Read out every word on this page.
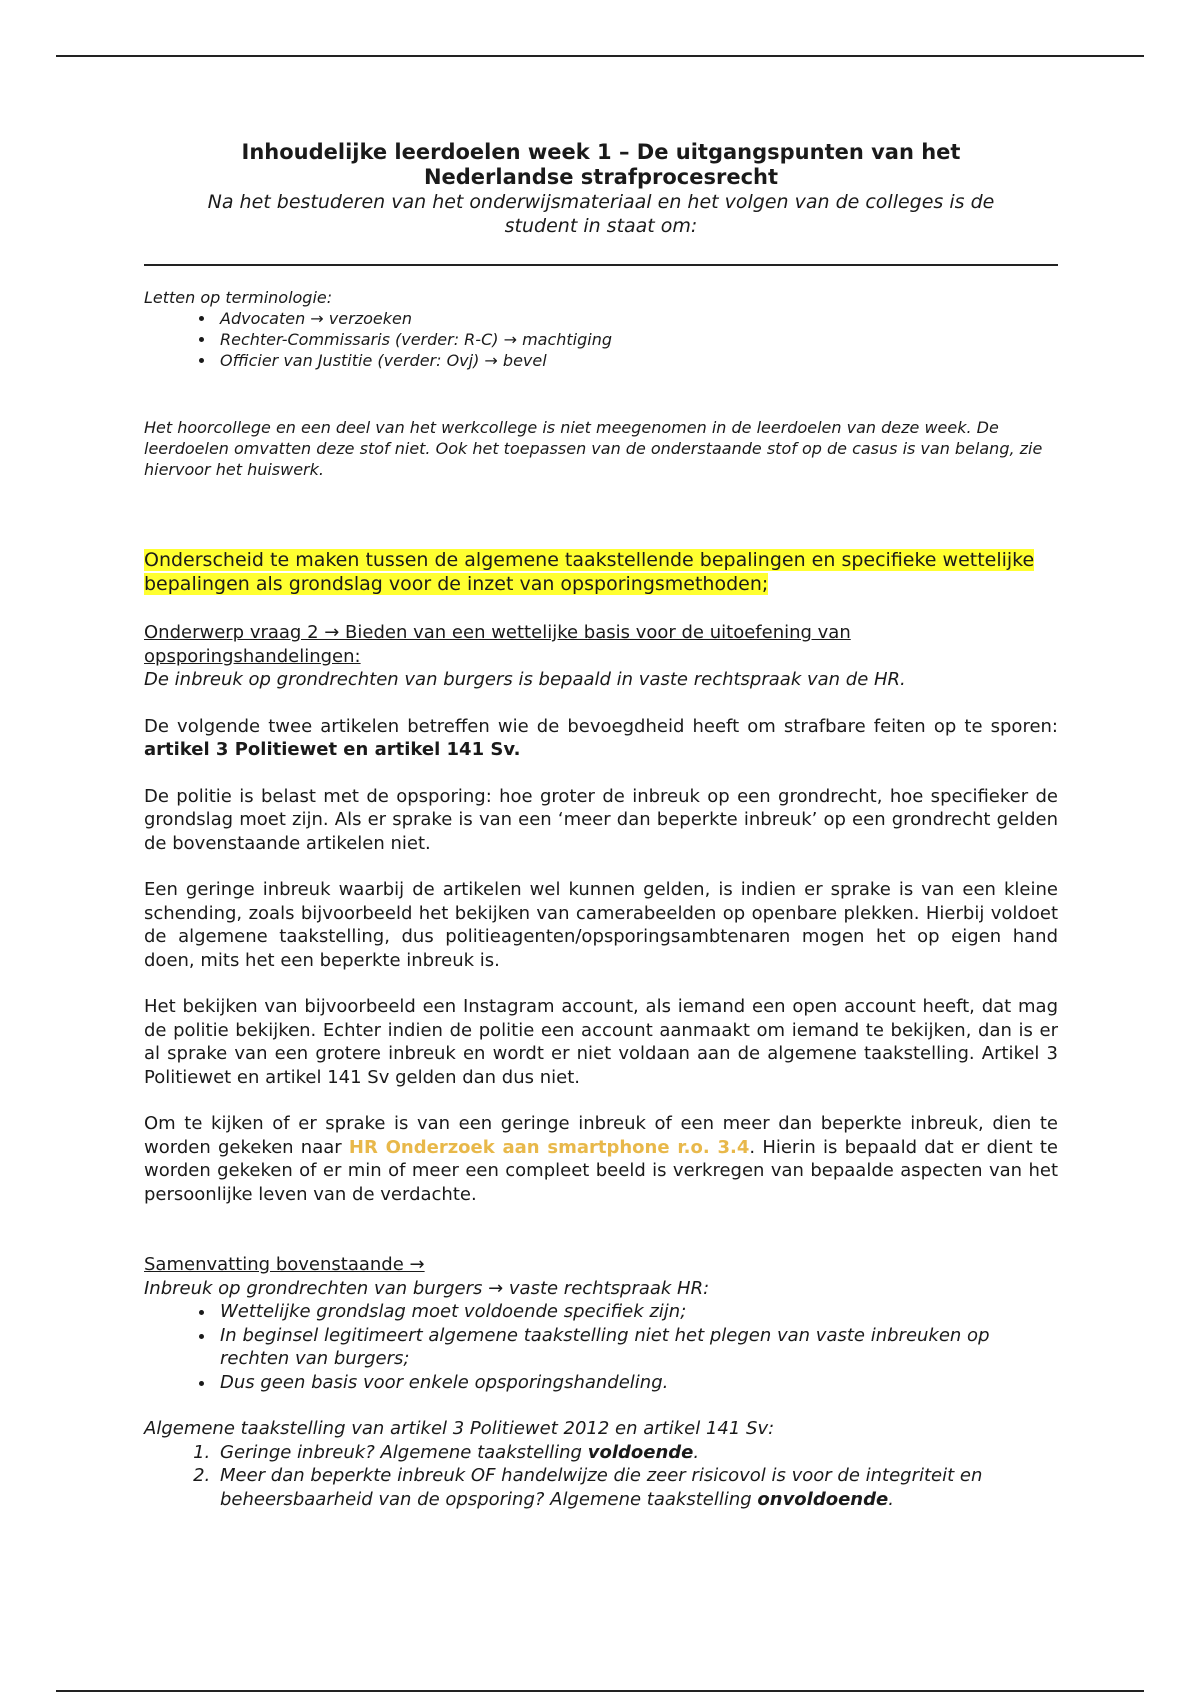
Inhoudelijke leerdoelen week 1 – De uitgangspunten van het Nederlandse strafprocesrecht

Na het bestuderen van het onderwijsmateriaal en het volgen van de colleges is de student in staat om:

Letten op terminologie:

• Advocaten → verzoeken
• Rechter-Commissaris (verder: R-C) → machtiging
• Officier van Justitie (verder: Ovj) → bevel

Het hoorcollege en een deel van het werkcollege is niet meegenomen in de leerdoelen van deze week. De leerdoelen omvatten deze stof niet. Ook het toepassen van de onderstaande stof op de casus is van belang, zie hiervoor het huiswerk.

Onderscheid te maken tussen de algemene taakstellende bepalingen en specifieke wettelijke bepalingen als grondslag voor de inzet van opsporingsmethoden;

Onderwerp vraag 2 → Bieden van een wettelijke basis voor de uitoefening van opsporingshandelingen:

De inbreuk op grondrechten van burgers is bepaald in vaste rechtspraak van de HR.

De volgende twee artikelen betreffen wie de bevoegdheid heeft om strafbare feiten op te sporen: artikel 3 Politiewet en artikel 141 Sv.

De politie is belast met de opsporing: hoe groter de inbreuk op een grondrecht, hoe specifieker de grondslag moet zijn. Als er sprake is van een ‘meer dan beperkte inbreuk’ op een grondrecht gelden de bovenstaande artikelen niet.

Een geringe inbreuk waarbij de artikelen wel kunnen gelden, is indien er sprake is van een kleine schending, zoals bijvoorbeeld het bekijken van camerabeelden op openbare plekken. Hierbij voldoet de algemene taakstelling, dus politieagenten/opsporingsambtenaren mogen het op eigen hand doen, mits het een beperkte inbreuk is.

Het bekijken van bijvoorbeeld een Instagram account, als iemand een open account heeft, dat mag de politie bekijken. Echter indien de politie een account aanmaakt om iemand te bekijken, dan is er al sprake van een grotere inbreuk en wordt er niet voldaan aan de algemene taakstelling. Artikel 3 Politiewet en artikel 141 Sv gelden dan dus niet.

Om te kijken of er sprake is van een geringe inbreuk of een meer dan beperkte inbreuk, dien te worden gekeken naar HR Onderzoek aan smartphone r.o. 3.4. Hierin is bepaald dat er dient te worden gekeken of er min of meer een compleet beeld is verkregen van bepaalde aspecten van het persoonlijke leven van de verdachte.

Samenvatting bovenstaande →

Inbreuk op grondrechten van burgers → vaste rechtspraak HR:

• Wettelijke grondslag moet voldoende specifiek zijn;
• In beginsel legitimeert algemene taakstelling niet het plegen van vaste inbreuken op rechten van burgers;
• Dus geen basis voor enkele opsporingshandeling.

Algemene taakstelling van artikel 3 Politiewet 2012 en artikel 141 Sv:

1. Geringe inbreuk? Algemene taakstelling voldoende.
2. Meer dan beperkte inbreuk OF handelwijze die zeer risicovol is voor de integriteit en beheersbaarheid van de opsporing? Algemene taakstelling onvoldoende.
